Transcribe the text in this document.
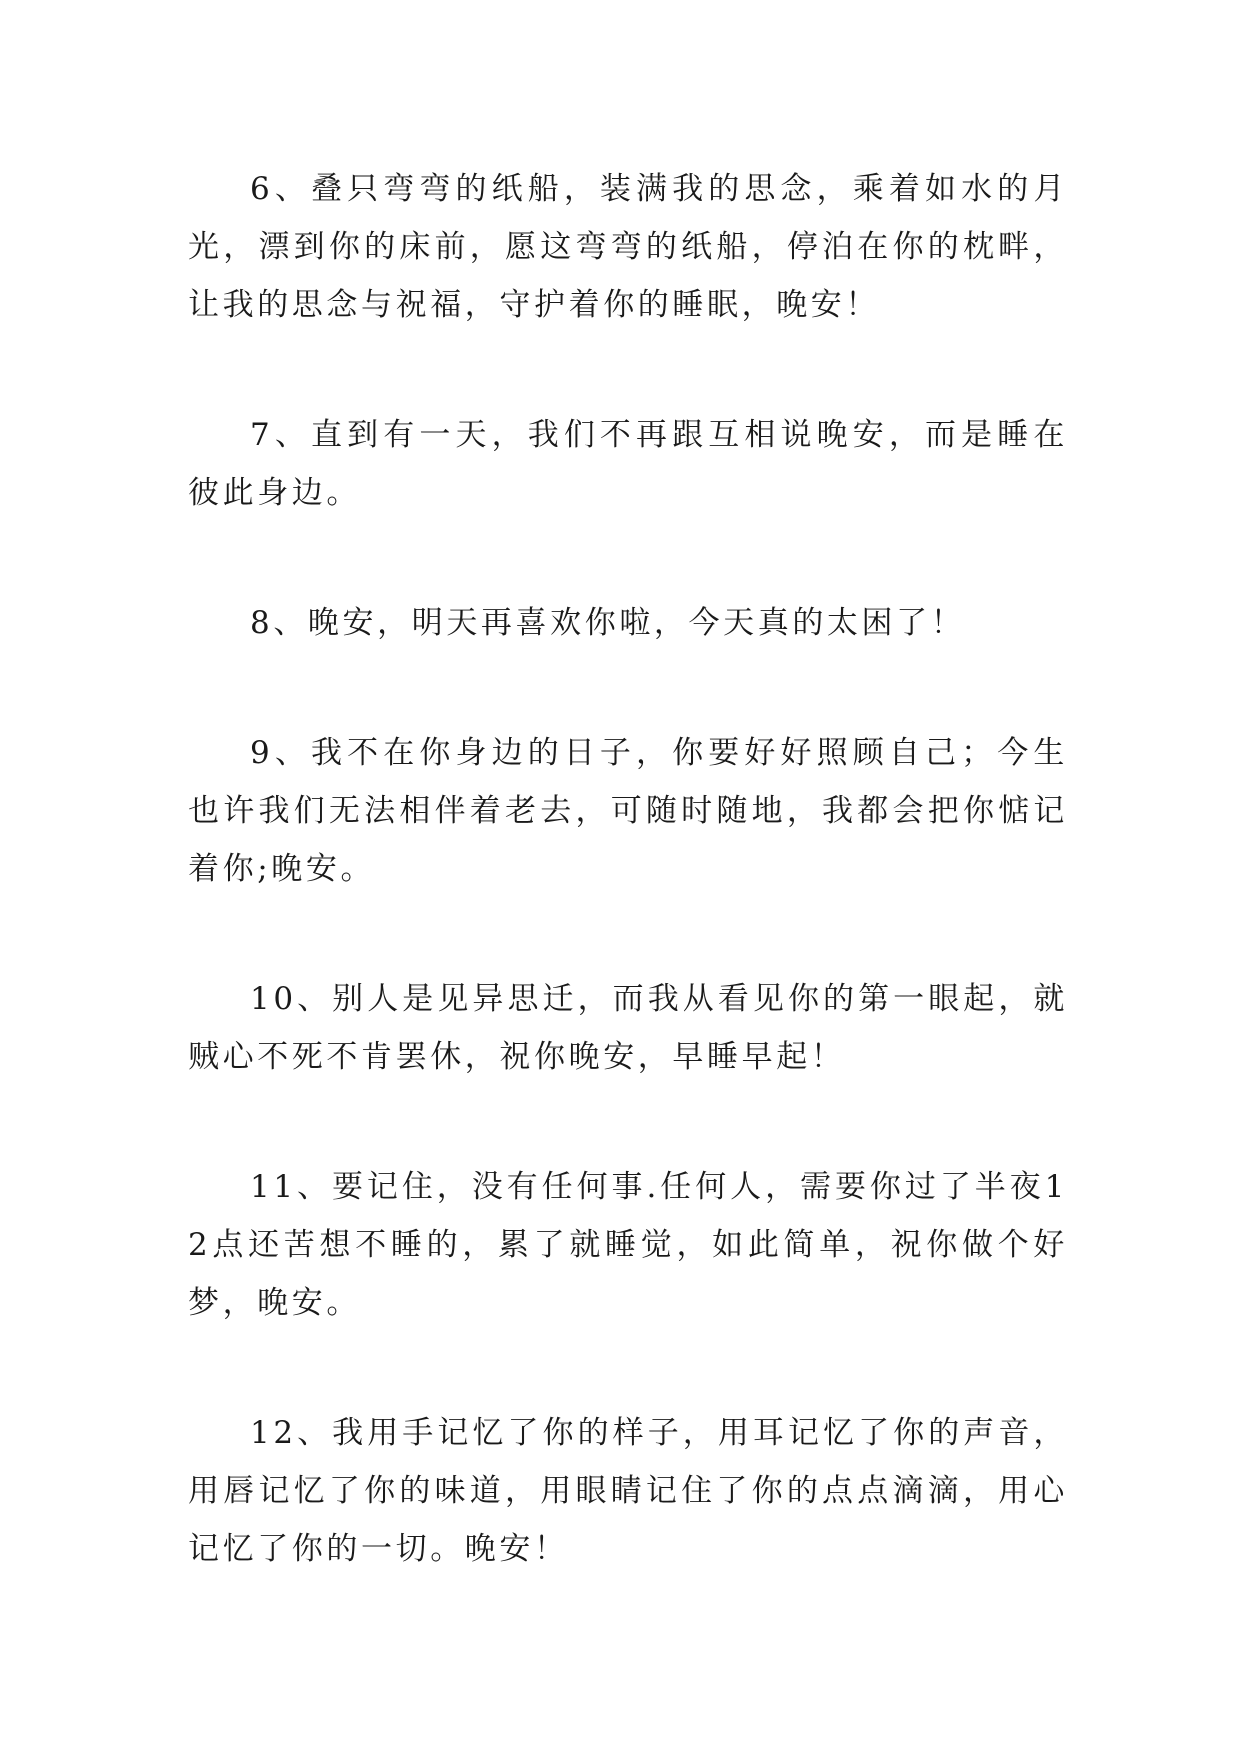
6、叠只弯弯的纸船，装满我的思念，乘着如水的月光，漂到你的床前，愿这弯弯的纸船，停泊在你的枕畔，让我的思念与祝福，守护着你的睡眠，晚安！

7、直到有一天，我们不再跟互相说晚安，而是睡在彼此身边。

8、晚安，明天再喜欢你啦，今天真的太困了！

9、我不在你身边的日子，你要好好照顾自己；今生也许我们无法相伴着老去，可随时随地，我都会把你惦记着你;晚安。

10、别人是见异思迁，而我从看见你的第一眼起，就贼心不死不肯罢休，祝你晚安，早睡早起！

11、要记住，没有任何事.任何人，需要你过了半夜12点还苦想不睡的，累了就睡觉，如此简单，祝你做个好梦，晚安。

12、我用手记忆了你的样子，用耳记忆了你的声音，用唇记忆了你的味道，用眼睛记住了你的点点滴滴，用心记忆了你的一切。晚安！
